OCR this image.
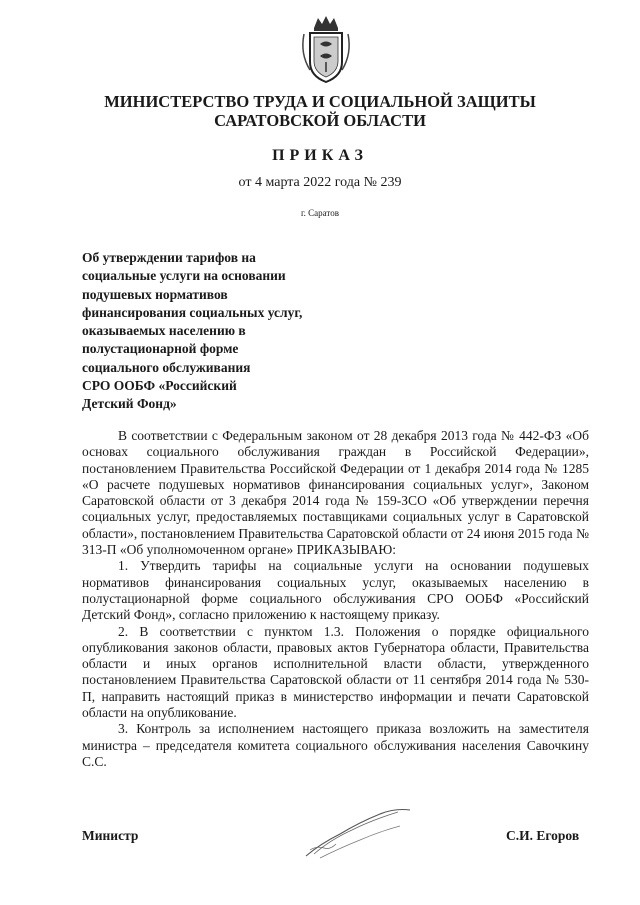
МИНИСТЕРСТВО ТРУДА И СОЦИАЛЬНОЙ ЗАЩИТЫ
САРАТОВСКОЙ ОБЛАСТИ
ПРИКАЗ
от 4 марта 2022 года № 239
г. Саратов
Об утверждении тарифов на
социальные услуги на основании
подушевых нормативов
финансирования социальных услуг,
оказываемых населению в
полустационарной форме
социального обслуживания
СРО ООБФ «Российский
Детский Фонд»

В соответствии с Федеральным законом от 28 декабря 2013 года № 442-ФЗ «Об основах социального обслуживания граждан в Российской Федерации», постановлением Правительства Российской Федерации от 1 декабря 2014 года № 1285 «О расчете подушевых нормативов финансирования социальных услуг», Законом Саратовской области от 3 декабря 2014 года № 159-ЗСО «Об утверждении перечня социальных услуг, предоставляемых поставщиками социальных услуг в Саратовской области», постановлением Правительства Саратовской области от 24 июня 2015 года № 313-П «Об уполномоченном органе» ПРИКАЗЫВАЮ:

1. Утвердить тарифы на социальные услуги на основании подушевых нормативов финансирования социальных услуг, оказываемых населению в полустационарной форме социального обслуживания СРО ООБФ «Российский Детский Фонд», согласно приложению к настоящему приказу.

2. В соответствии с пунктом 1.3. Положения о порядке официального опубликования законов области, правовых актов Губернатора области, Правительства области и иных органов исполнительной власти области, утвержденного постановлением Правительства Саратовской области от 11 сентября 2014 года № 530-П, направить настоящий приказ в министерство информации и печати Саратовской области на опубликование.

3. Контроль за исполнением настоящего приказа возложить на заместителя министра – председателя комитета социального обслуживания населения Савочкину С.С.

Министр	С.И. Егоров
